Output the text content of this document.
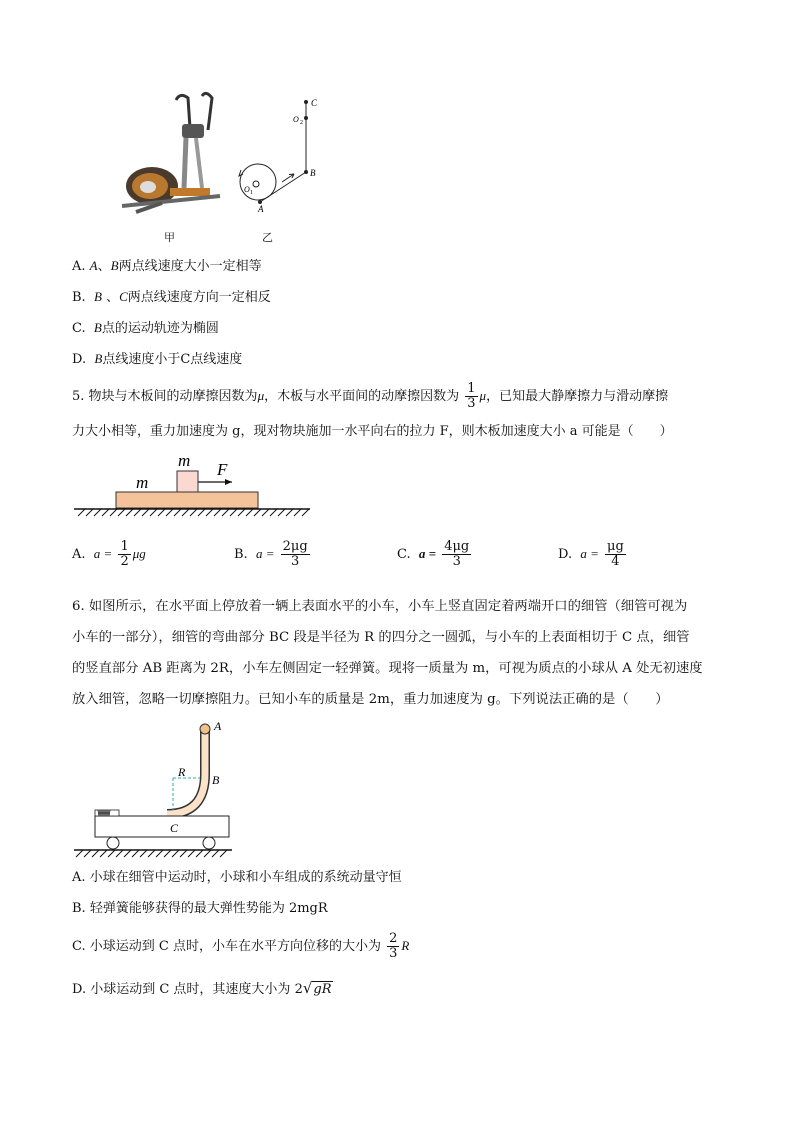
C
O 2
B
O 1
A
甲	乙
A. A、B两点线速度大小一定相等
B. B 、C两点线速度方向一定相反
C. B点的运动轨迹为椭圆
D. B点线速度小于C点线速度
5. 物块与木板间的动摩擦因数为μ，木板与水平面间的动摩擦因数为 $\frac{1}{3}$ μ，已知最大静摩擦力与滑动摩擦
力大小相等，重力加速度为 g，现对物块施加一水平向右的拉力 F，则木板加速度大小 a 可能是（　　）
m
m F
A. $a = \frac{1}{2}$ μg	B. $a = \frac{2\mu g}{3}$	C. $a = \frac{4\mu g}{3}$	D. $a = \frac{\mu g}{4}$
6. 如图所示，在水平面上停放着一辆上表面水平的小车，小车上竖直固定着两端开口的细管（细管可视为
小车的一部分），细管的弯曲部分 BC 段是半径为 R 的四分之一圆弧，与小车的上表面相切于 C 点，细管
的竖直部分 AB 距离为 2R，小车左侧固定一轻弹簧。现将一质量为 m，可视为质点的小球从 A 处无初速度
放入细管，忽略一切摩擦阻力。已知小车的质量是 2m，重力加速度为 g。下列说法正确的是（　　）
A
B
R
C
A. 小球在细管中运动时，小球和小车组成的系统动量守恒
B. 轻弹簧能够获得的最大弹性势能为 2mgR
C. 小球运动到 C 点时，小车在水平方向位移的大小为 $\frac{2}{3}$ R
D. 小球运动到 C 点时，其速度大小为 2√gR
